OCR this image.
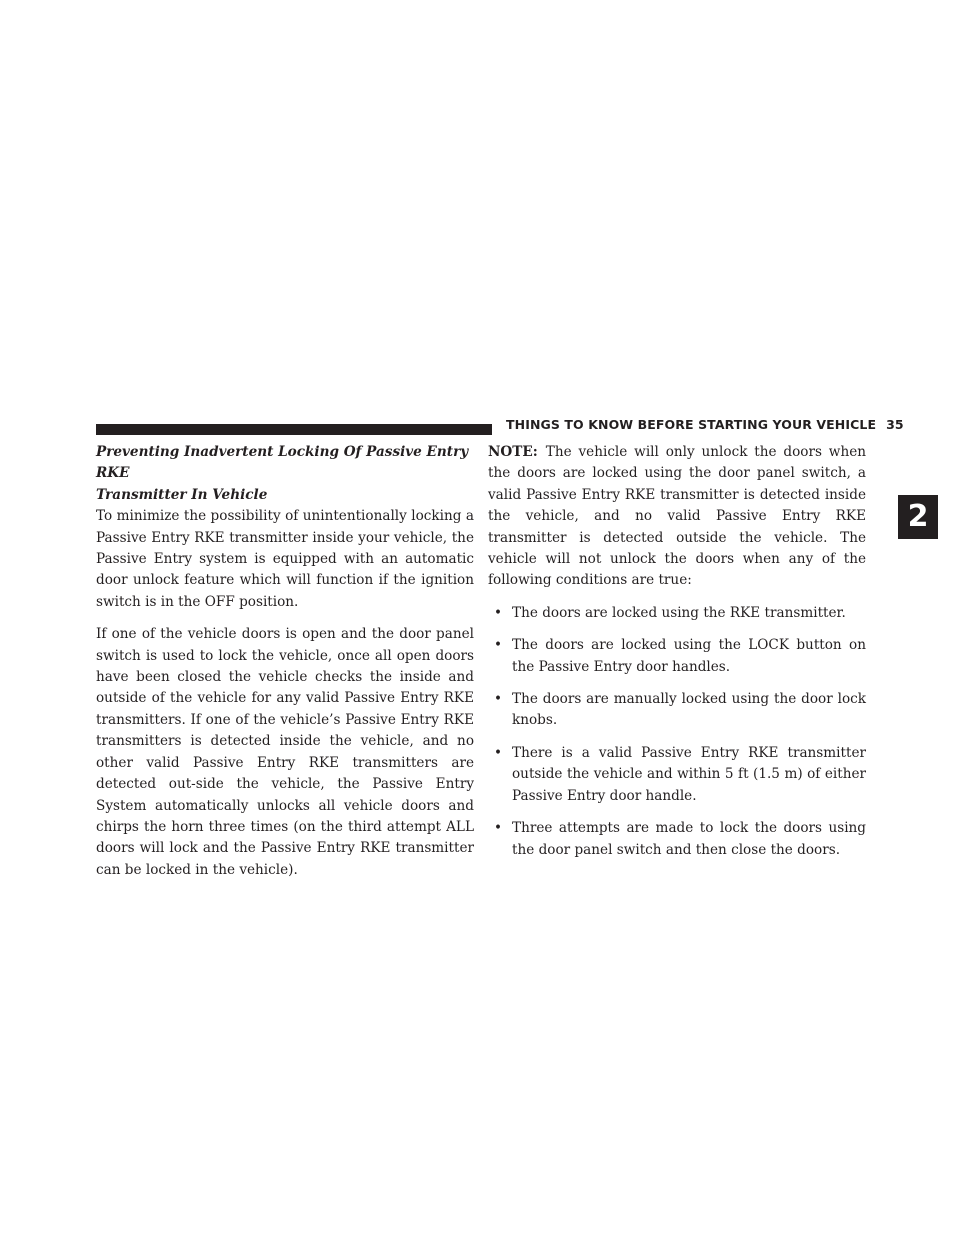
THINGS TO KNOW BEFORE STARTING YOUR VEHICLE 35
2
Preventing Inadvertent Locking Of Passive Entry RKE
Transmitter In Vehicle

To minimize the possibility of unintentionally locking a Passive Entry RKE transmitter inside your vehicle, the Passive Entry system is equipped with an automatic door unlock feature which will function if the ignition switch is in the OFF position.

If one of the vehicle doors is open and the door panel switch is used to lock the vehicle, once all open doors have been closed the vehicle checks the inside and outside of the vehicle for any valid Passive Entry RKE transmitters. If one of the vehicle’s Passive Entry RKE transmitters is detected inside the vehicle, and no other valid Passive Entry RKE transmitters are detected out-side the vehicle, the Passive Entry System automatically unlocks all vehicle doors and chirps the horn three times (on the third attempt ALL doors will lock and the Passive Entry RKE transmitter can be locked in the vehicle).

NOTE: The vehicle will only unlock the doors when the doors are locked using the door panel switch, a valid Passive Entry RKE transmitter is detected inside the vehicle, and no valid Passive Entry RKE transmitter is detected outside the vehicle. The vehicle will not unlock the doors when any of the following conditions are true:

• The doors are locked using the RKE transmitter.
• The doors are locked using the LOCK button on the Passive Entry door handles.
• The doors are manually locked using the door lock knobs.
• There is a valid Passive Entry RKE transmitter outside the vehicle and within 5 ft (1.5 m) of either Passive Entry door handle.
• Three attempts are made to lock the doors using the door panel switch and then close the doors.
